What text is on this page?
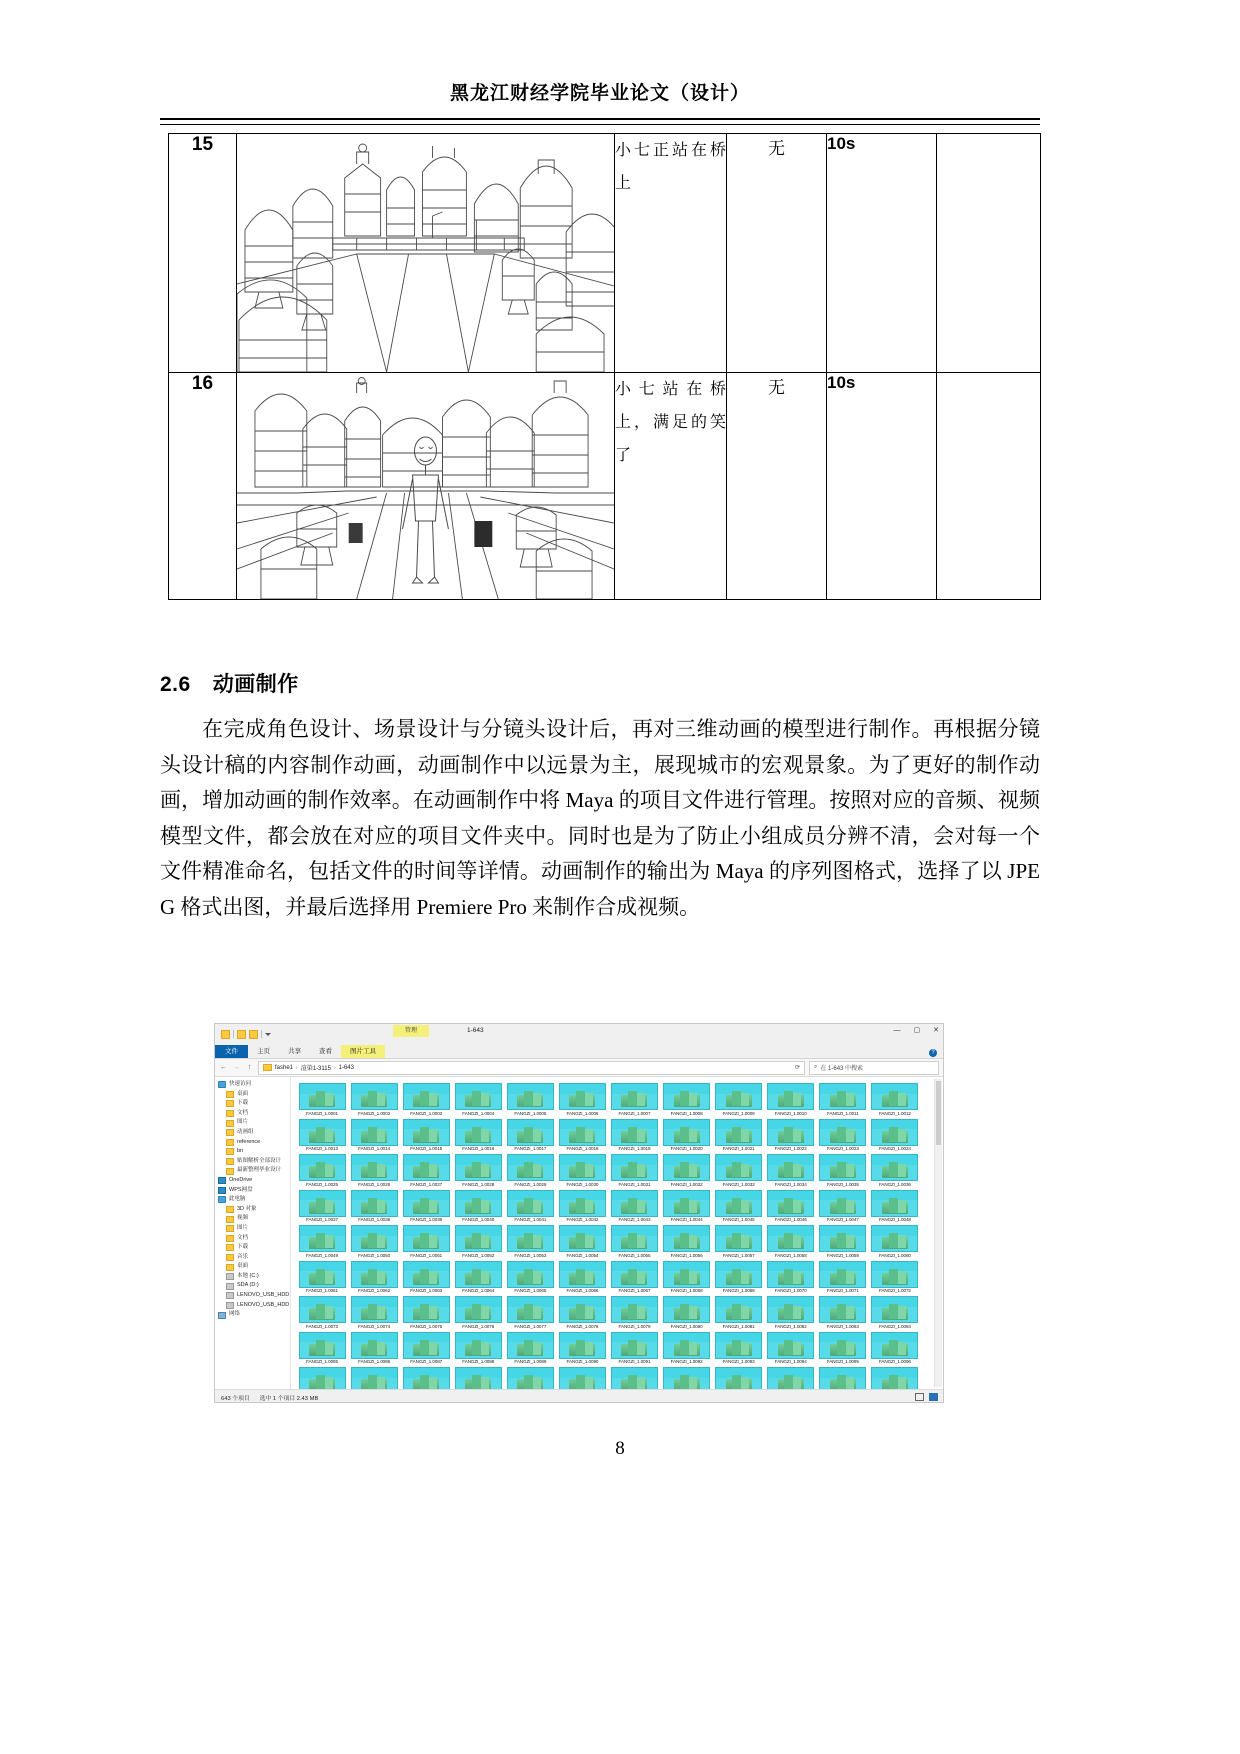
黑龙江财经学院毕业论文（设计）
15		小七正站在桥上	无	10s	
16		小七站在桥上，满足的笑了	无	10s	
2.6 动画制作
在完成角色设计、场景设计与分镜头设计后，再对三维动画的模型进行制作。再根据分镜头设计稿的内容制作动画，动画制作中以远景为主，展现城市的宏观景象。为了更好的制作动画，增加动画的制作效率。在动画制作中将 Maya 的项目文件进行管理。按照对应的音频、视频模型文件，都会放在对应的项目文件夹中。同时也是为了防止小组成员分辨不清，会对每一个文件精准命名，包括文件的时间等详情。动画制作的输出为 Maya 的序列图格式，选择了以 JPEG 格式出图，并最后选择用 Premiere Pro 来制作合成视频。
管理	1-643	— ▢ ✕
文件	主页	共享	查看	图片工具	?
← →	↑	fashe1 › 渲染1-3115 › 1-643	⟳ ⌕ 在 1-643 中搜索
快速访问
桌面
下载
文档
图片
动画组
reference
bn
贴图解析全部设计
最新整理毕业设计
OneDrive
WPS网盘
此电脑
3D 对象
视频
图片
文档
下载
音乐
桌面
本地 (C:)
SDA (D:)
LENOVO_USB_HDD
LENOVO_USB_HDD
网络
FANGZI_1.0001	FANGZI_1.0002	FANGZI_1.0003	FANGZI_1.0004	FANGZI_1.0005	FANGZI_1.0006	FANGZI_1.0007	FANGZI_1.0008	FANGZI_1.0009	FANGZI_1.0010	FANGZI_1.0011	FANGZI_1.0012
FANGZI_1.0013	FANGZI_1.0014	FANGZI_1.0015	FANGZI_1.0016	FANGZI_1.0017	FANGZI_1.0018	FANGZI_1.0019	FANGZI_1.0020	FANGZI_1.0021	FANGZI_1.0022	FANGZI_1.0023	FANGZI_1.0024
FANGZI_1.0025	FANGZI_1.0026	FANGZI_1.0027	FANGZI_1.0028	FANGZI_1.0029	FANGZI_1.0030	FANGZI_1.0031	FANGZI_1.0032	FANGZI_1.0033	FANGZI_1.0034	FANGZI_1.0035	FANGZI_1.0036
FANGZI_1.0037	FANGZI_1.0038	FANGZI_1.0039	FANGZI_1.0040	FANGZI_1.0041	FANGZI_1.0042	FANGZI_1.0043	FANGZI_1.0044	FANGZI_1.0045	FANGZI_1.0046	FANGZI_1.0047	FANGZI_1.0048
FANGZI_1.0049	FANGZI_1.0050	FANGZI_1.0051	FANGZI_1.0052	FANGZI_1.0053	FANGZI_1.0054	FANGZI_1.0055	FANGZI_1.0056	FANGZI_1.0057	FANGZI_1.0058	FANGZI_1.0059	FANGZI_1.0060
FANGZI_1.0061	FANGZI_1.0062	FANGZI_1.0063	FANGZI_1.0064	FANGZI_1.0065	FANGZI_1.0066	FANGZI_1.0067	FANGZI_1.0068	FANGZI_1.0069	FANGZI_1.0070	FANGZI_1.0071	FANGZI_1.0072
FANGZI_1.0073	FANGZI_1.0074	FANGZI_1.0075	FANGZI_1.0076	FANGZI_1.0077	FANGZI_1.0078	FANGZI_1.0079	FANGZI_1.0080	FANGZI_1.0081	FANGZI_1.0082	FANGZI_1.0083	FANGZI_1.0084
FANGZI_1.0085	FANGZI_1.0086	FANGZI_1.0087	FANGZI_1.0088	FANGZI_1.0089	FANGZI_1.0090	FANGZI_1.0091	FANGZI_1.0092	FANGZI_1.0093	FANGZI_1.0094	FANGZI_1.0095	FANGZI_1.0096
643 个项目 选中 1 个项目 2.43 MB
8
